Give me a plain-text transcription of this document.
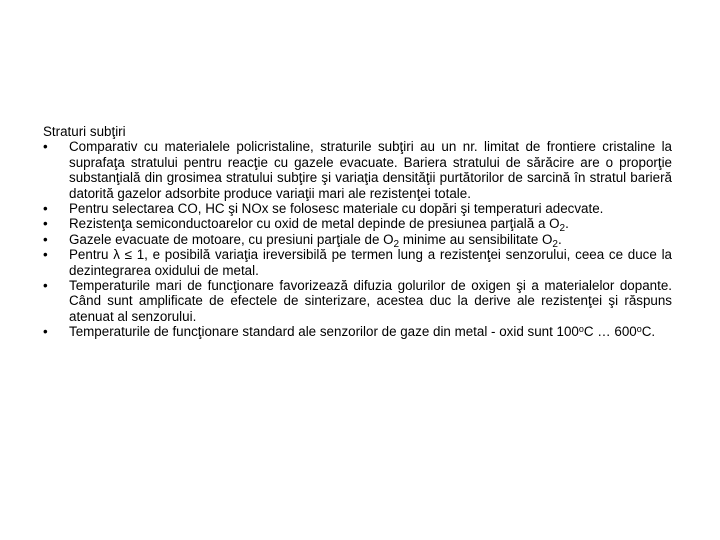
Straturi subţiri
• Comparativ cu materialele policristaline, straturile subţiri au un nr. limitat de frontiere cristaline la suprafaţa stratului pentru reacţie cu gazele evacuate. Bariera stratului de sărăcire are o proporţie substanţială din grosimea stratului subţire şi variaţia densităţii purtătorilor de sarcină în stratul barieră datorită gazelor adsorbite produce variaţii mari ale rezistenţei totale.
• Pentru selectarea CO, HC şi NOx se folosesc materiale cu dopări şi temperaturi adecvate.
• Rezistenţa semiconductoarelor cu oxid de metal depinde de presiunea parţială a $O_2$.
• Gazele evacuate de motoare, cu presiuni parţiale de $O_2$ minime au sensibilitate $O_2$.
• Pentru λ ≤ 1, e posibilă variaţia ireversibilă pe termen lung a rezistenţei senzorului, ceea ce duce la dezintegrarea oxidului de metal.
• Temperaturile mari de funcţionare favorizează difuzia golurilor de oxigen şi a materialelor dopante. Când sunt amplificate de efectele de sinterizare, acestea duc la derive ale rezistenţei şi răspuns atenuat al senzorului.
• Temperaturile de funcţionare standard ale senzorilor de gaze din metal - oxid sunt 100$^o$C … 600$^o$C.
